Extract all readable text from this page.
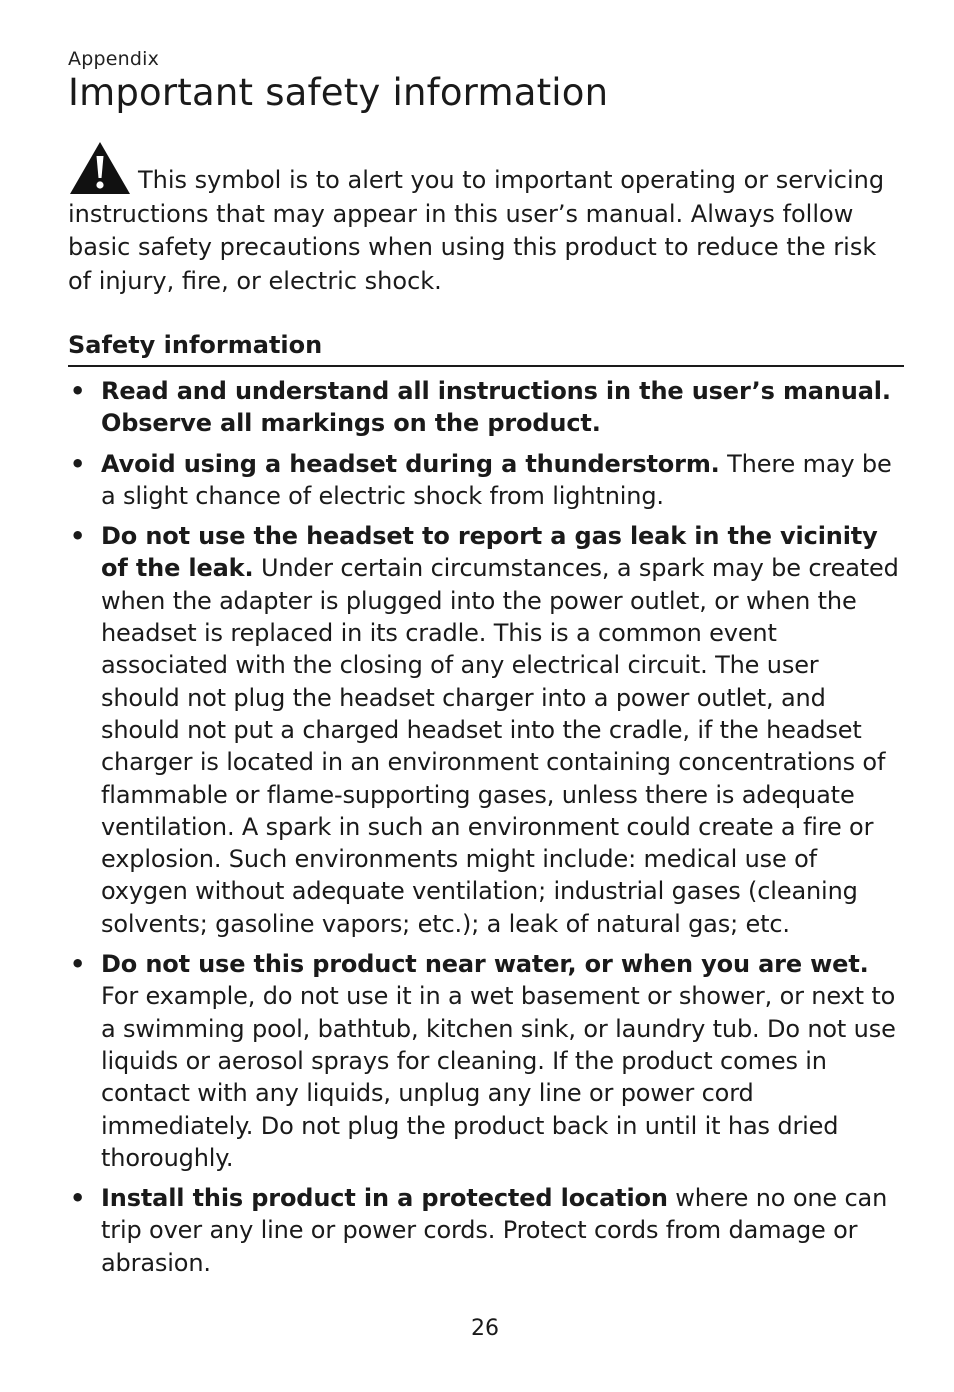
Appendix
Important safety information

This symbol is to alert you to important operating or servicing instructions that may appear in this user’s manual. Always follow basic safety precautions when using this product to reduce the risk of injury, fire, or electric shock.

Safety information
• Read and understand all instructions in the user’s manual. Observe all markings on the product.
• Avoid using a headset during a thunderstorm. There may be a slight chance of electric shock from lightning.
• Do not use the headset to report a gas leak in the vicinity of the leak. Under certain circumstances, a spark may be created when the adapter is plugged into the power outlet, or when the headset is replaced in its cradle. This is a common event associated with the closing of any electrical circuit. The user should not plug the headset charger into a power outlet, and should not put a charged headset into the cradle, if the headset charger is located in an environment containing concentrations of flammable or flame-supporting gases, unless there is adequate ventilation. A spark in such an environment could create a fire or explosion. Such environments might include: medical use of oxygen without adequate ventilation; industrial gases (cleaning solvents; gasoline vapors; etc.); a leak of natural gas; etc.
• Do not use this product near water, or when you are wet. For example, do not use it in a wet basement or shower, or next to a swimming pool, bathtub, kitchen sink, or laundry tub. Do not use liquids or aerosol sprays for cleaning. If the product comes in contact with any liquids, unplug any line or power cord immediately. Do not plug the product back in until it has dried thoroughly.
• Install this product in a protected location where no one can trip over any line or power cords. Protect cords from damage or abrasion.
26
